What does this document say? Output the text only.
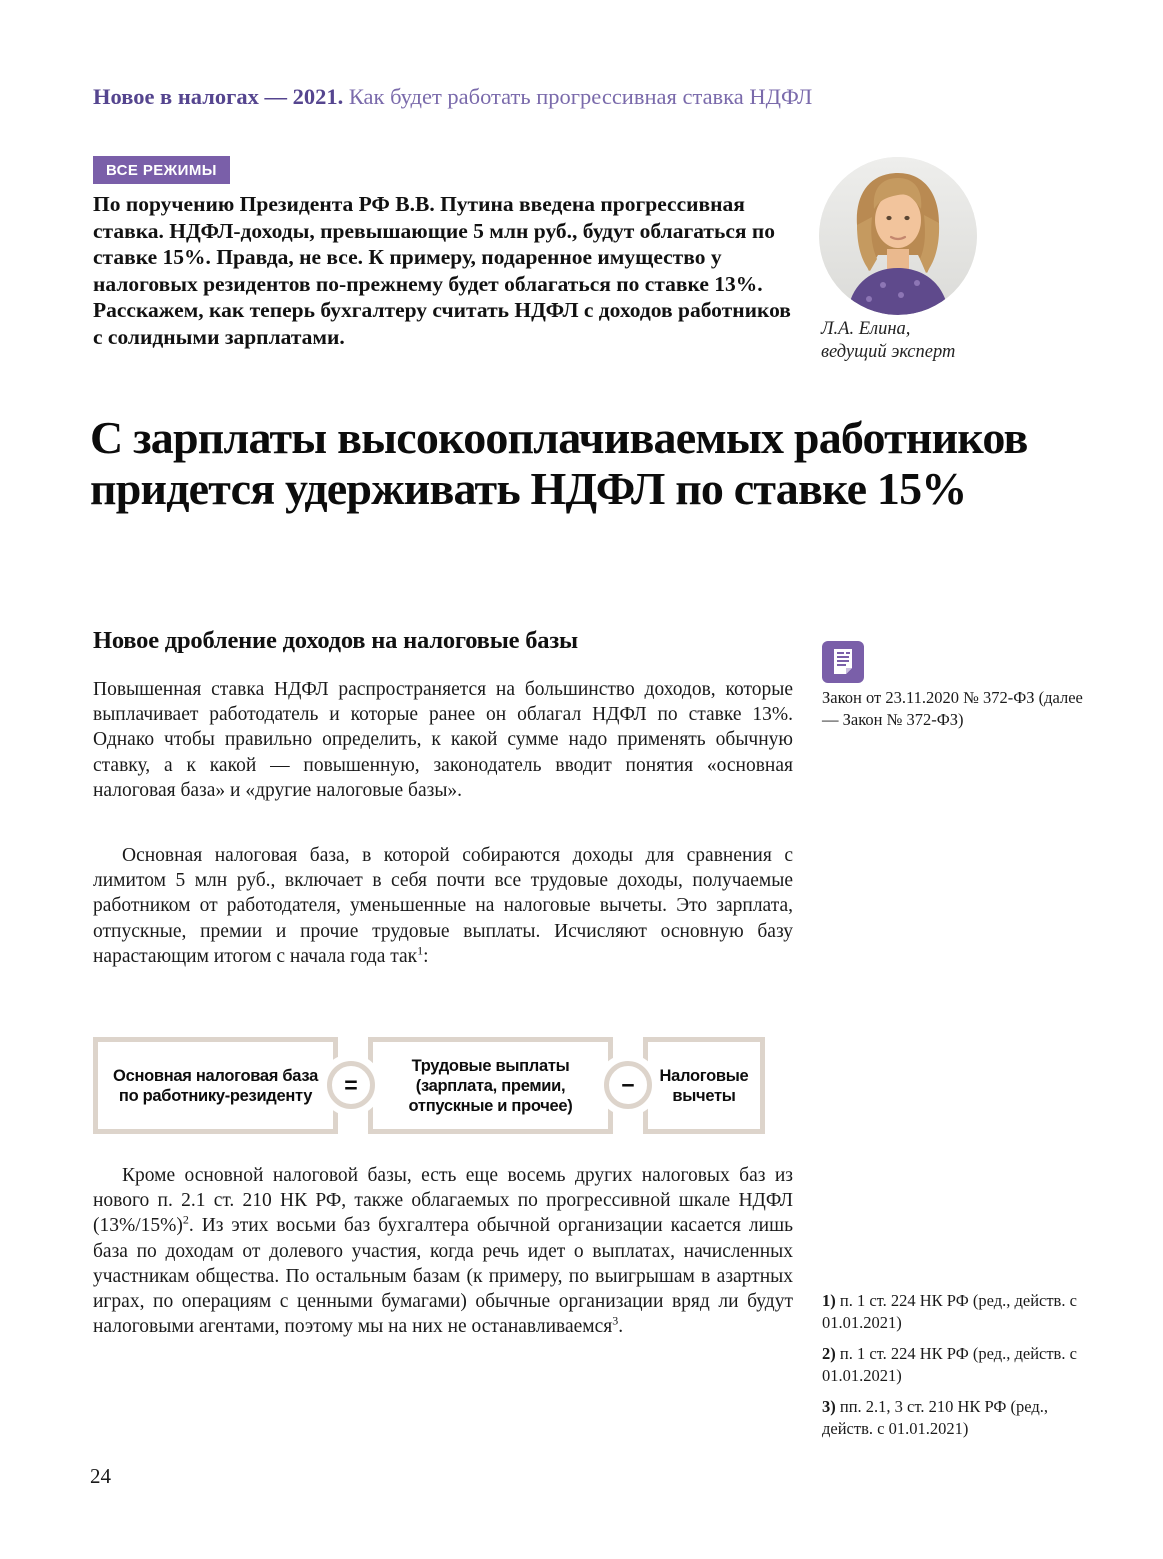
Новое в налогах — 2021. Как будет работать прогрессивная ставка НДФЛ
ВСЕ РЕЖИМЫ
По поручению Президента РФ В.В. Путина введена прогрессивная ставка. НДФЛ-доходы, превышающие 5 млн руб., будут облагаться по ставке 15%. Правда, не все. К примеру, подаренное имущество у налоговых резидентов по-прежнему будет облагаться по ставке 13%. Расскажем, как теперь бухгалтеру считать НДФЛ с доходов работников с солидными зарплатами.	Л.А. Елина,
ведущий эксперт
С зарплаты высокооплачиваемых работников придется удерживать НДФЛ по ставке 15%
Новое дробление доходов на налоговые базы

Повышенная ставка НДФЛ распространяется на большинство доходов, которые выплачивает работодатель и которые ранее он облагал НДФЛ по ставке 13%. Однако чтобы правильно определить, к какой сумме надо применять обычную ставку, а к какой — повышенную, законодатель вводит понятия «основная налоговая база» и «другие налоговые базы».

Закон от 23.11.2020 № 372-ФЗ (далее — Закон № 372-ФЗ)

Основная налоговая база, в которой собираются доходы для сравнения с лимитом 5 млн руб., включает в себя почти все трудовые доходы, получаемые работником от работодателя, уменьшенные на налоговые вычеты. Это зарплата, отпускные, премии и прочие трудовые выплаты. Исчисляют основную базу нарастающим итогом с начала года так$^1$:

Основная налоговая база по работнику-резиденту	=
Трудовые выплаты (зарплата, премии, отпускные и прочее)
−	Налоговые вычеты

Кроме основной налоговой базы, есть еще восемь других налоговых баз из нового п. 2.1 ст. 210 НК РФ, также облагаемых по прогрессивной шкале НДФЛ (13%/15%)$^2$. Из этих восьми баз бухгалтера обычной организации касается лишь база по доходам от долевого участия, когда речь идет о выплатах, начисленных участникам общества. По остальным базам (к примеру, по выигрышам в азартных играх, по операциям с ценными бумагами) обычные организации вряд ли будут налоговыми агентами, поэтому мы на них не останавливаемся$^3$.

1) п. 1 ст. 224 НК РФ (ред., действ. с 01.01.2021)
2) п. 1 ст. 224 НК РФ (ред., действ. с 01.01.2021)
3) пп. 2.1, 3 ст. 210 НК РФ (ред., действ. с 01.01.2021)
24
